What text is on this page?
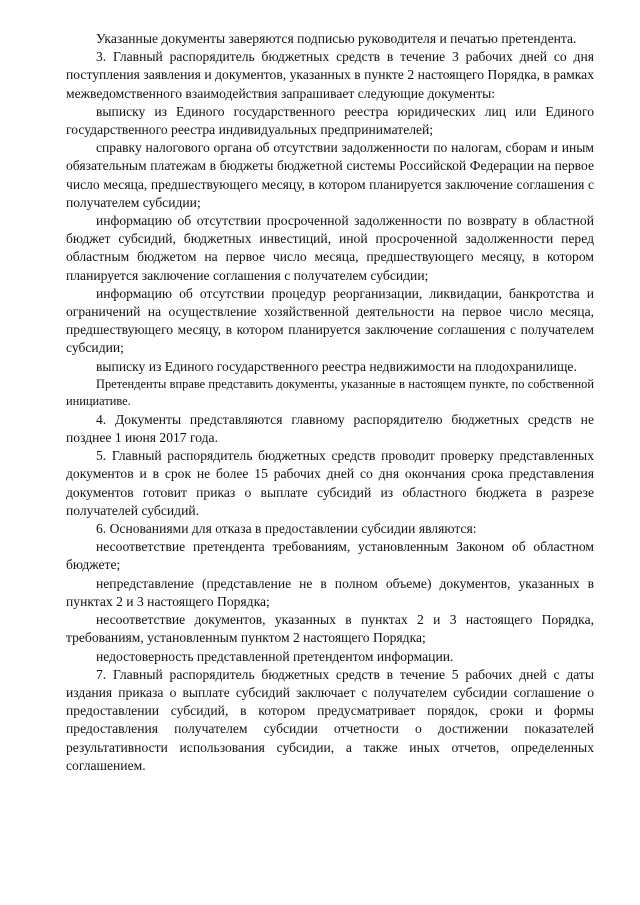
Указанные документы заверяются подписью руководителя и печатью претендента.

3. Главный распорядитель бюджетных средств в течение 3 рабочих дней со дня поступления заявления и документов, указанных в пункте 2 настоящего Порядка, в рамках межведомственного взаимодействия запрашивает следующие документы:

выписку из Единого государственного реестра юридических лиц или Единого государственного реестра индивидуальных предпринимателей;

справку налогового органа об отсутствии задолженности по налогам, сборам и иным обязательным платежам в бюджеты бюджетной системы Российской Федерации на первое число месяца, предшествующего месяцу, в котором планируется заключение соглашения с получателем субсидии;

информацию об отсутствии просроченной задолженности по возврату в областной бюджет субсидий, бюджетных инвестиций, иной просроченной задолженности перед областным бюджетом на первое число месяца, предшествующего месяцу, в котором планируется заключение соглашения с получателем субсидии;

информацию об отсутствии процедур реорганизации, ликвидации, банкротства и ограничений на осуществление хозяйственной деятельности на первое число месяца, предшествующего месяцу, в котором планируется заключение соглашения с получателем субсидии;

выписку из Единого государственного реестра недвижимости на плодохранилище.

Претенденты вправе представить документы, указанные в настоящем пункте, по собственной инициативе.

4. Документы представляются главному распорядителю бюджетных средств не позднее 1 июня 2017 года.

5. Главный распорядитель бюджетных средств проводит проверку представленных документов и в срок не более 15 рабочих дней со дня окончания срока представления документов готовит приказ о выплате субсидий из областного бюджета в разрезе получателей субсидий.

6. Основаниями для отказа в предоставлении субсидии являются:

несоответствие претендента требованиям, установленным Законом об областном бюджете;

непредставление (представление не в полном объеме) документов, указанных в пунктах 2 и 3 настоящего Порядка;

несоответствие документов, указанных в пунктах 2 и 3 настоящего Порядка, требованиям, установленным пунктом 2 настоящего Порядка;

недостоверность представленной претендентом информации.

7. Главный распорядитель бюджетных средств в течение 5 рабочих дней с даты издания приказа о выплате субсидий заключает с получателем субсидии соглашение о предоставлении субсидий, в котором предусматривает порядок, сроки и формы предоставления получателем субсидии отчетности о достижении показателей результативности использования субсидии, а также иных отчетов, определенных соглашением.
